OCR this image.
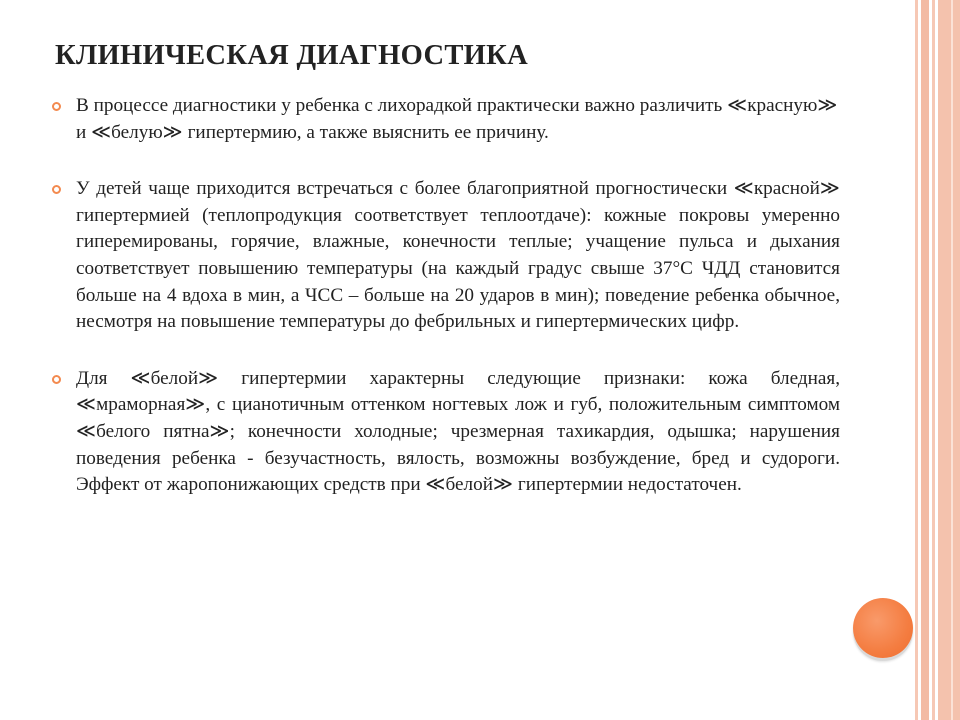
КЛИНИЧЕСКАЯ ДИАГНОСТИКА
В процессе диагностики у ребенка с лихорадкой практически важно различить ≪красную≫ и ≪белую≫ гипертермию, а также выяснить ее причину.
У детей чаще приходится встречаться с более благоприятной прогностически ≪красной≫ гипертермией (теплопродукция соответствует теплоотдаче): кожные покровы умеренно гиперемированы, горячие, влажные, конечности теплые; учащение пульса и дыхания соответствует повышению температуры (на каждый градус свыше 37°С ЧДД становится больше на 4 вдоха в мин, а ЧСС – больше на 20 ударов в мин); поведение ребенка обычное, несмотря на повышение температуры до фебрильных и гипертермических цифр.
Для ≪белой≫ гипертермии характерны следующие признаки: кожа бледная, ≪мраморная≫, с цианотичным оттенком ногтевых лож и губ, положительным симптомом ≪белого пятна≫; конечности холодные; чрезмерная тахикардия, одышка; нарушения поведения ребенка - безучастность, вялость, возможны возбуждение, бред и судороги. Эффект от жаропонижающих средств при ≪белой≫ гипертермии недостаточен.
